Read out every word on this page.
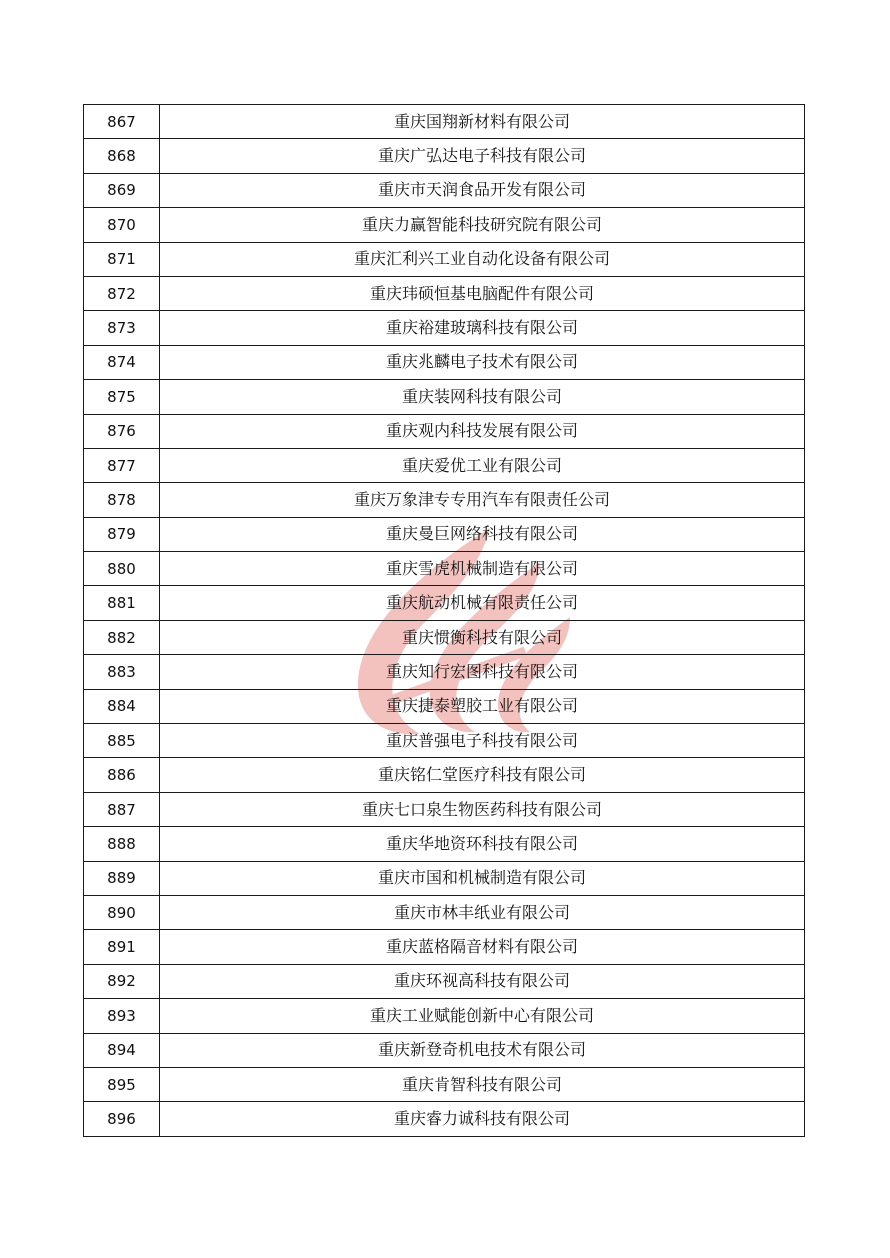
867	重庆国翔新材料有限公司
868	重庆广弘达电子科技有限公司
869	重庆市天润食品开发有限公司
870	重庆力赢智能科技研究院有限公司
871	重庆汇利兴工业自动化设备有限公司
872	重庆玮硕恒基电脑配件有限公司
873	重庆裕建玻璃科技有限公司
874	重庆兆麟电子技术有限公司
875	重庆装网科技有限公司
876	重庆观内科技发展有限公司
877	重庆爱优工业有限公司
878	重庆万象津专专用汽车有限责任公司
879	重庆曼巨网络科技有限公司
880	重庆雪虎机械制造有限公司
881	重庆航动机械有限责任公司
882	重庆惯衡科技有限公司
883	重庆知行宏图科技有限公司
884	重庆捷泰塑胶工业有限公司
885	重庆普强电子科技有限公司
886	重庆铭仁堂医疗科技有限公司
887	重庆七口泉生物医药科技有限公司
888	重庆华地资环科技有限公司
889	重庆市国和机械制造有限公司
890	重庆市林丰纸业有限公司
891	重庆蓝格隔音材料有限公司
892	重庆环视高科技有限公司
893	重庆工业赋能创新中心有限公司
894	重庆新登奇机电技术有限公司
895	重庆肯智科技有限公司
896	重庆睿力诚科技有限公司
